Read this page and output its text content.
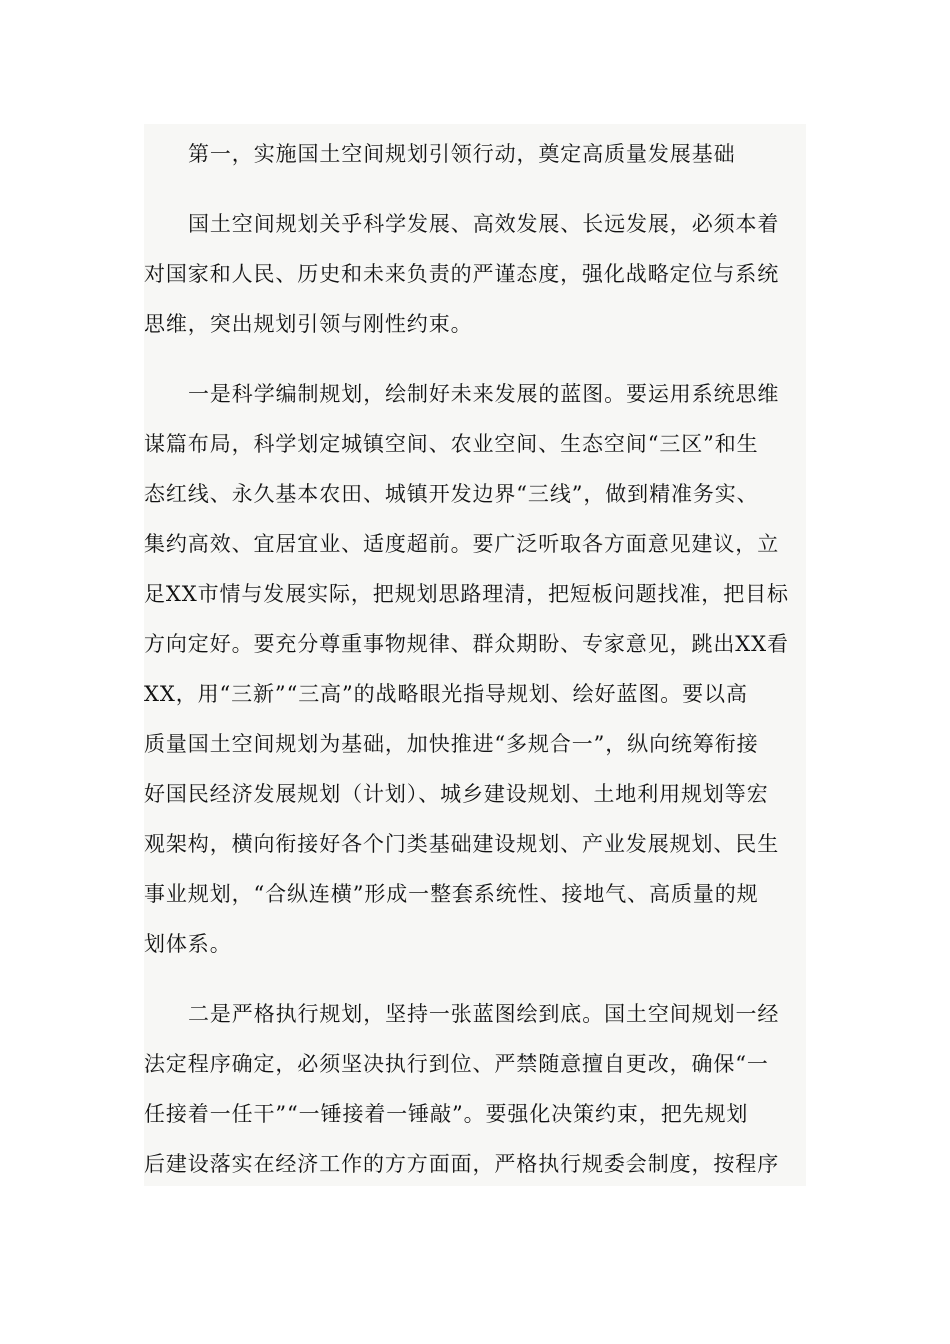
第一，实施国土空间规划引领行动，奠定高质量发展基础
国土空间规划关乎科学发展、高效发展、长远发展，必须本着
对国家和人民、历史和未来负责的严谨态度，强化战略定位与系统
思维，突出规划引领与刚性约束。
一是科学编制规划，绘制好未来发展的蓝图。要运用系统思维
谋篇布局，科学划定城镇空间、农业空间、生态空间“三区”和生
态红线、永久基本农田、城镇开发边界“三线”，做到精准务实、
集约高效、宜居宜业、适度超前。要广泛听取各方面意见建议，立
足XX市情与发展实际，把规划思路理清，把短板问题找准，把目标
方向定好。要充分尊重事物规律、群众期盼、专家意见，跳出XX看
XX，用“三新”“三高”的战略眼光指导规划、绘好蓝图。要以高
质量国土空间规划为基础，加快推进“多规合一”，纵向统筹衔接
好国民经济发展规划（计划）、城乡建设规划、土地利用规划等宏
观架构，横向衔接好各个门类基础建设规划、产业发展规划、民生
事业规划，“合纵连横”形成一整套系统性、接地气、高质量的规
划体系。
二是严格执行规划，坚持一张蓝图绘到底。国土空间规划一经
法定程序确定，必须坚决执行到位、严禁随意擅自更改，确保“一
任接着一任干”“一锤接着一锤敲”。要强化决策约束，把先规划
后建设落实在经济工作的方方面面，严格执行规委会制度，按程序
